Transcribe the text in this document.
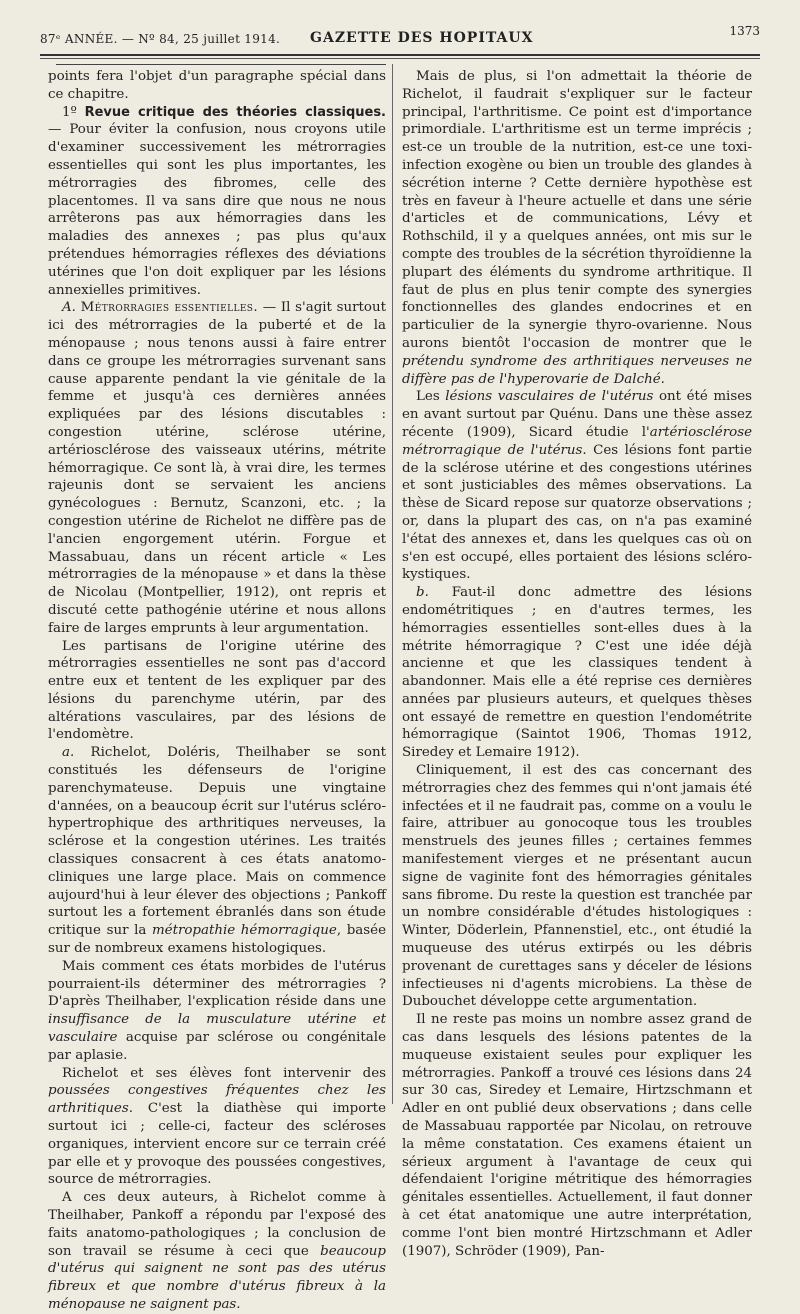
87ᵉ ANNÉE. — Nº 84, 25 juillet 1914. GAZETTE DES HOPITAUX	1373

points fera l'objet d'un paragraphe spécial dans ce chapitre.

1º Revue critique des théories classiques. — Pour éviter la confusion, nous croyons utile d'examiner successivement les métrorragies essentielles qui sont les plus importantes, les métrorragies des fibromes, celle des placentomes. Il va sans dire que nous ne nous arrêterons pas aux hémorragies dans les maladies des annexes ; pas plus qu'aux prétendues hémorragies réflexes des déviations utérines que l'on doit expliquer par les lésions annexielles primitives.

A. Métrorragies essentielles. — Il s'agit surtout ici des métrorragies de la puberté et de la ménopause ; nous tenons aussi à faire entrer dans ce groupe les métrorragies survenant sans cause apparente pendant la vie génitale de la femme et jusqu'à ces dernières années expliquées par des lésions discutables : congestion utérine, sclérose utérine, artériosclérose des vaisseaux utérins, métrite hémorragique. Ce sont là, à vrai dire, les termes rajeunis dont se servaient les anciens gynécologues : Bernutz, Scanzoni, etc. ; la congestion utérine de Richelot ne diffère pas de l'ancien engorgement utérin. Forgue et Massabuau, dans un récent article « Les métrorragies de la ménopause » et dans la thèse de Nicolau (Montpellier, 1912), ont repris et discuté cette pathogénie utérine et nous allons faire de larges emprunts à leur argumentation.

Les partisans de l'origine utérine des métrorragies essentielles ne sont pas d'accord entre eux et tentent de les expliquer par des lésions du parenchyme utérin, par des altérations vasculaires, par des lésions de l'endomètre.

a. Richelot, Doléris, Theilhaber se sont constitués les défenseurs de l'origine parenchymateuse. Depuis une vingtaine d'années, on a beaucoup écrit sur l'utérus scléro-hypertrophique des arthritiques nerveuses, la sclérose et la congestion utérines. Les traités classiques consacrent à ces états anatomo-cliniques une large place. Mais on commence aujourd'hui à leur élever des objections ; Pankoff surtout les a fortement ébranlés dans son étude critique sur la métropathie hémorragique, basée sur de nombreux examens histologiques.

Mais comment ces états morbides de l'utérus pourraient-ils déterminer des métrorragies ? D'après Theilhaber, l'explication réside dans une insuffisance de la musculature utérine et vasculaire acquise par sclérose ou congénitale par aplasie.

Richelot et ses élèves font intervenir des poussées congestives fréquentes chez les arthritiques. C'est la diathèse qui importe surtout ici ; celle-ci, facteur des scléroses organiques, intervient encore sur ce terrain créé par elle et y provoque des poussées congestives, source de métrorragies.

A ces deux auteurs, à Richelot comme à Theilhaber, Pankoff a répondu par l'exposé des faits anatomo-pathologiques ; la conclusion de son travail se résume à ceci que beaucoup d'utérus qui saignent ne sont pas des utérus fibreux et que nombre d'utérus fibreux à la ménopause ne saignent pas.

Mais de plus, si l'on admettait la théorie de Richelot, il faudrait s'expliquer sur le facteur principal, l'arthritisme. Ce point est d'importance primordiale. L'arthritisme est un terme imprécis ; est-ce un trouble de la nutrition, est-ce une toxi-infection exogène ou bien un trouble des glandes à sécrétion interne ? Cette dernière hypothèse est très en faveur à l'heure actuelle et dans une série d'articles et de communications, Lévy et Rothschild, il y a quelques années, ont mis sur le compte des troubles de la sécrétion thyroïdienne la plupart des éléments du syndrome arthritique. Il faut de plus en plus tenir compte des synergies fonctionnelles des glandes endocrines et en particulier de la synergie thyro-ovarienne. Nous aurons bientôt l'occasion de montrer que le prétendu syndrome des arthritiques nerveuses ne diffère pas de l'hyperovarie de Dalché.

Les lésions vasculaires de l'utérus ont été mises en avant surtout par Quénu. Dans une thèse assez récente (1909), Sicard étudie l'artériosclérose métrorragique de l'utérus. Ces lésions font partie de la sclérose utérine et des congestions utérines et sont justiciables des mêmes observations. La thèse de Sicard repose sur quatorze observations ; or, dans la plupart des cas, on n'a pas examiné l'état des annexes et, dans les quelques cas où on s'en est occupé, elles portaient des lésions scléro-kystiques.

b. Faut-il donc admettre des lésions endométritiques ; en d'autres termes, les hémorragies essentielles sont-elles dues à la métrite hémorragique ? C'est une idée déjà ancienne et que les classiques tendent à abandonner. Mais elle a été reprise ces dernières années par plusieurs auteurs, et quelques thèses ont essayé de remettre en question l'endométrite hémorragique (Saintot 1906, Thomas 1912, Siredey et Lemaire 1912).

Cliniquement, il est des cas concernant des métrorragies chez des femmes qui n'ont jamais été infectées et il ne faudrait pas, comme on a voulu le faire, attribuer au gonocoque tous les troubles menstruels des jeunes filles ; certaines femmes manifestement vierges et ne présentant aucun signe de vaginite font des hémorragies génitales sans fibrome. Du reste la question est tranchée par un nombre considérable d'études histologiques : Winter, Döderlein, Pfannenstiel, etc., ont étudié la muqueuse des utérus extirpés ou les débris provenant de curettages sans y déceler de lésions infectieuses ni d'agents microbiens. La thèse de Dubouchet développe cette argumentation.

Il ne reste pas moins un nombre assez grand de cas dans lesquels des lésions patentes de la muqueuse existaient seules pour expliquer les métrorragies. Pankoff a trouvé ces lésions dans 24 sur 30 cas, Siredey et Lemaire, Hirtzschmann et Adler en ont publié deux observations ; dans celle de Massabuau rapportée par Nicolau, on retrouve la même constatation. Ces examens étaient un sérieux argument à l'avantage de ceux qui défendaient l'origine métritique des hémorragies génitales essentielles. Actuellement, il faut donner à cet état anatomique une autre interprétation, comme l'ont bien montré Hirtzschmann et Adler (1907), Schröder (1909), Pan-
